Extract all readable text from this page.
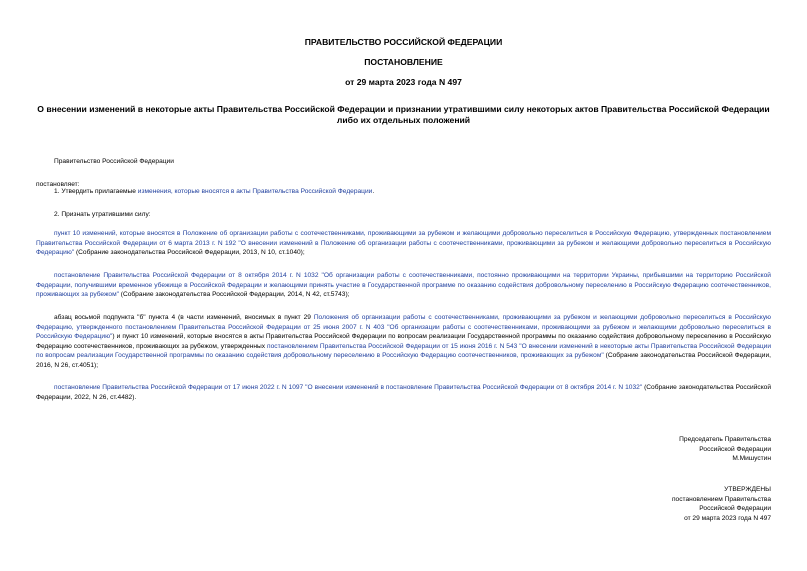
ПРАВИТЕЛЬСТВО РОССИЙСКОЙ ФЕДЕРАЦИИ
ПОСТАНОВЛЕНИЕ
от 29 марта 2023 года N 497
О внесении изменений в некоторые акты Правительства Российской Федерации и признании утратившими силу некоторых актов Правительства Российской Федерации либо их отдельных положений
Правительство Российской Федерации
постановляет:
1. Утвердить прилагаемые изменения, которые вносятся в акты Правительства Российской Федерации.
2. Признать утратившими силу:
пункт 10 изменений, которые вносятся в Положение об организации работы с соотечественниками, проживающими за рубежом и желающими добровольно переселиться в Российскую Федерацию, утвержденных постановлением Правительства Российской Федерации от 6 марта 2013 г. N 192 "О внесении изменений в Положение об организации работы с соотечественниками, проживающими за рубежом и желающими добровольно переселиться в Российскую Федерацию" (Собрание законодательства Российской Федерации, 2013, N 10, ст.1040);
постановление Правительства Российской Федерации от 8 октября 2014 г. N 1032 "Об организации работы с соотечественниками, постоянно проживающими на территории Украины, прибывшими на территорию Российской Федерации, получившими временное убежище в Российской Федерации и желающими принять участие в Государственной программе по оказанию содействия добровольному переселению в Российскую Федерацию соотечественников, проживающих за рубежом" (Собрание законодательства Российской Федерации, 2014, N 42, ст.5743);
абзац восьмой подпункта "б" пункта 4 (в части изменений, вносимых в пункт 29 Положения об организации работы с соотечественниками, проживающими за рубежом и желающими добровольно переселиться в Российскую Федерацию, утвержденного постановлением Правительства Российской Федерации от 25 июня 2007 г. N 403 "Об организации работы с соотечественниками, проживающими за рубежом и желающими добровольно переселиться в Российскую Федерацию") и пункт 10 изменений, которые вносятся в акты Правительства Российской Федерации по вопросам реализации Государственной программы по оказанию содействия добровольному переселению в Российскую Федерацию соотечественников, проживающих за рубежом, утвержденных постановлением Правительства Российской Федерации от 15 июня 2016 г. N 543 "О внесении изменений в некоторые акты Правительства Российской Федерации по вопросам реализации Государственной программы по оказанию содействия добровольному переселению в Российскую Федерацию соотечественников, проживающих за рубежом" (Собрание законодательства Российской Федерации, 2016, N 26, ст.4051);
постановление Правительства Российской Федерации от 17 июня 2022 г. N 1097 "О внесении изменений в постановление Правительства Российской Федерации от 8 октября 2014 г. N 1032" (Собрание законодательства Российской Федерации, 2022, N 26, ст.4482).
Председатель Правительства
Российской Федерации
М.Мишустин
УТВЕРЖДЕНЫ
постановлением Правительства
Российской Федерации
от 29 марта 2023 года N 497
